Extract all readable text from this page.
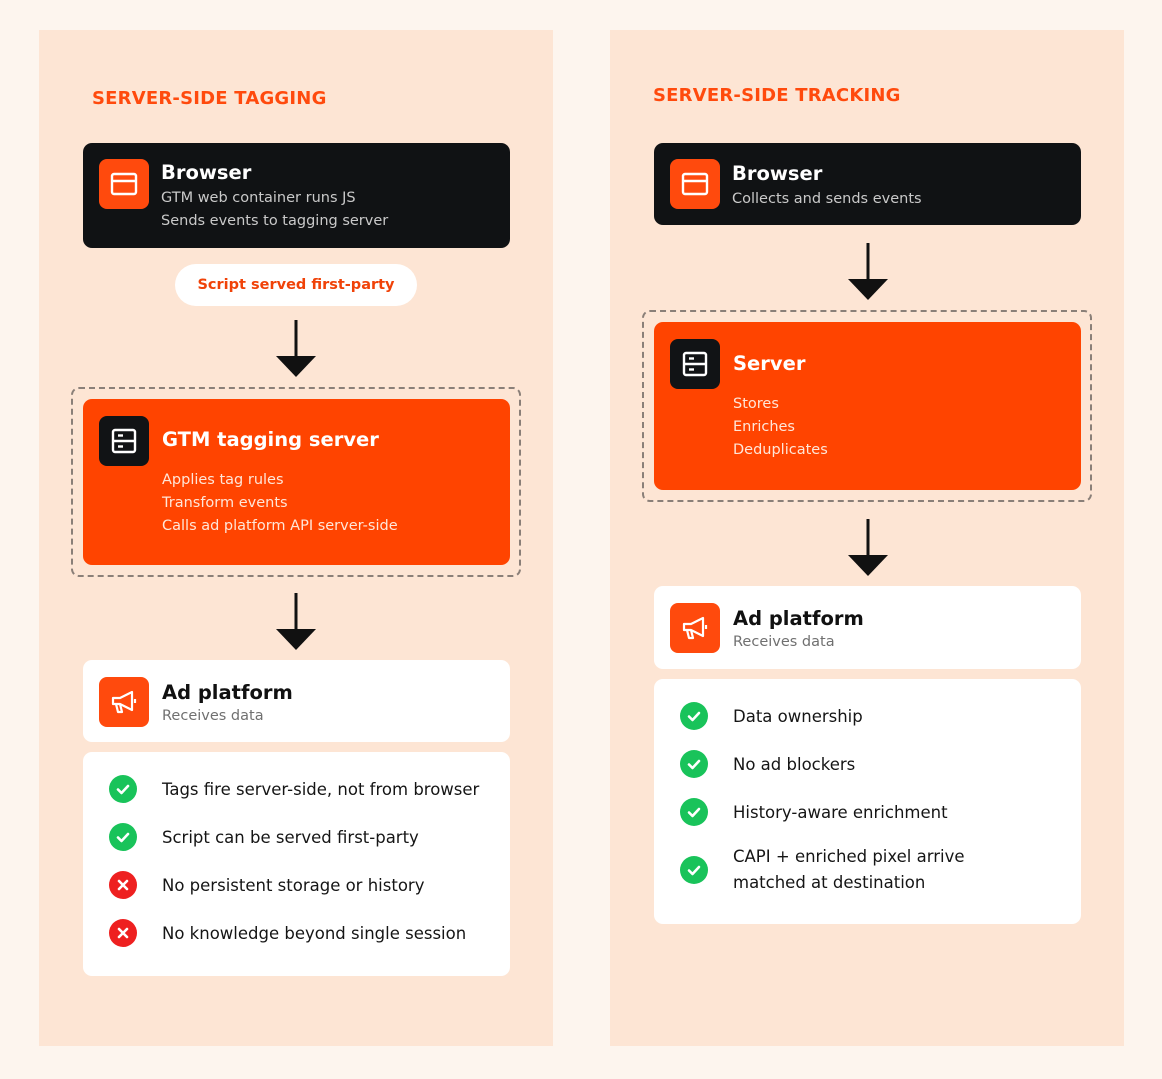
SERVER-SIDE TAGGING
Browser
GTM web container runs JS
Sends events to tagging server
Script served first-party
GTM tagging server
Applies tag rules
Transform events
Calls ad platform API server-side
Ad platform
Receives data
Tags fire server-side, not from browser
Script can be served first-party
No persistent storage or history
No knowledge beyond single session
SERVER-SIDE TRACKING
Browser
Collects and sends events
Server
Stores
Enriches
Deduplicates
Ad platform
Receives data
Data ownership
No ad blockers
History-aware enrichment
CAPI + enriched pixel arrive matched at destination
